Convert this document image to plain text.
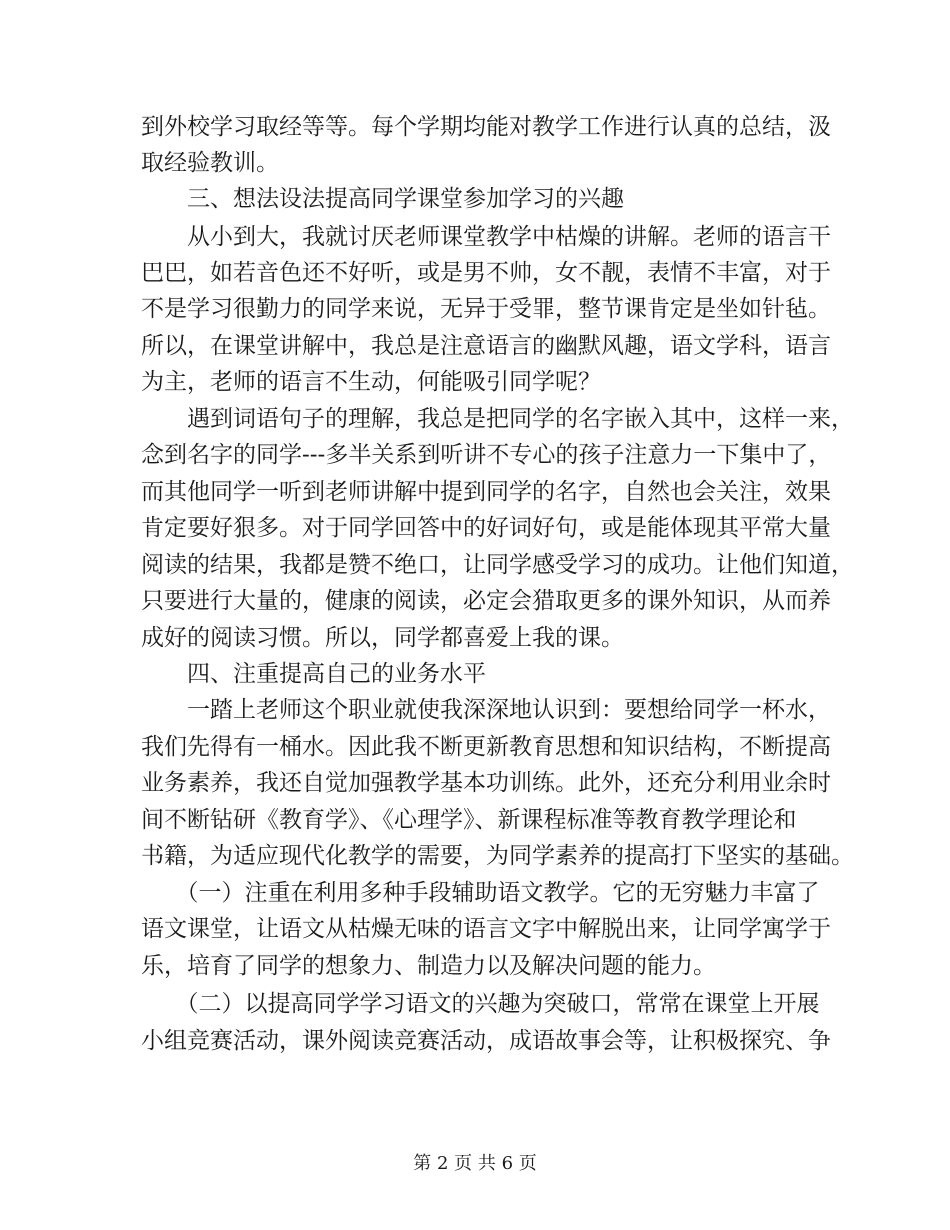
到外校学习取经等等。每个学期均能对教学工作进行认真的总结，汲
取经验教训。
　　三、想法设法提高同学课堂参加学习的兴趣
　　从小到大，我就讨厌老师课堂教学中枯燥的讲解。老师的语言干
巴巴，如若音色还不好听，或是男不帅，女不靓，表情不丰富，对于
不是学习很勤力的同学来说，无异于受罪，整节课肯定是坐如针毡。
所以，在课堂讲解中，我总是注意语言的幽默风趣，语文学科，语言
为主，老师的语言不生动，何能吸引同学呢？
　　遇到词语句子的理解，我总是把同学的名字嵌入其中，这样一来，
念到名字的同学---多半关系到听讲不专心的孩子注意力一下集中了，
而其他同学一听到老师讲解中提到同学的名字，自然也会关注，效果
肯定要好狠多。对于同学回答中的好词好句，或是能体现其平常大量
阅读的结果，我都是赞不绝口，让同学感受学习的成功。让他们知道，
只要进行大量的，健康的阅读，必定会猎取更多的课外知识，从而养
成好的阅读习惯。所以，同学都喜爱上我的课。
　　四、注重提高自己的业务水平
　　一踏上老师这个职业就使我深深地认识到：要想给同学一杯水，
我们先得有一桶水。因此我不断更新教育思想和知识结构，不断提高
业务素养，我还自觉加强教学基本功训练。此外，还充分利用业余时
间不断钻研《教育学》、《心理学》、新课程标准等教育教学理论和
书籍，为适应现代化教学的需要，为同学素养的提高打下坚实的基础。
　　（一）注重在利用多种手段辅助语文教学。它的无穷魅力丰富了
语文课堂，让语文从枯燥无味的语言文字中解脱出来，让同学寓学于
乐，培育了同学的想象力、制造力以及解决问题的能力。
　　（二）以提高同学学习语文的兴趣为突破口，常常在课堂上开展
小组竞赛活动，课外阅读竞赛活动，成语故事会等，让积极探究、争
第 2 页 共 6 页
